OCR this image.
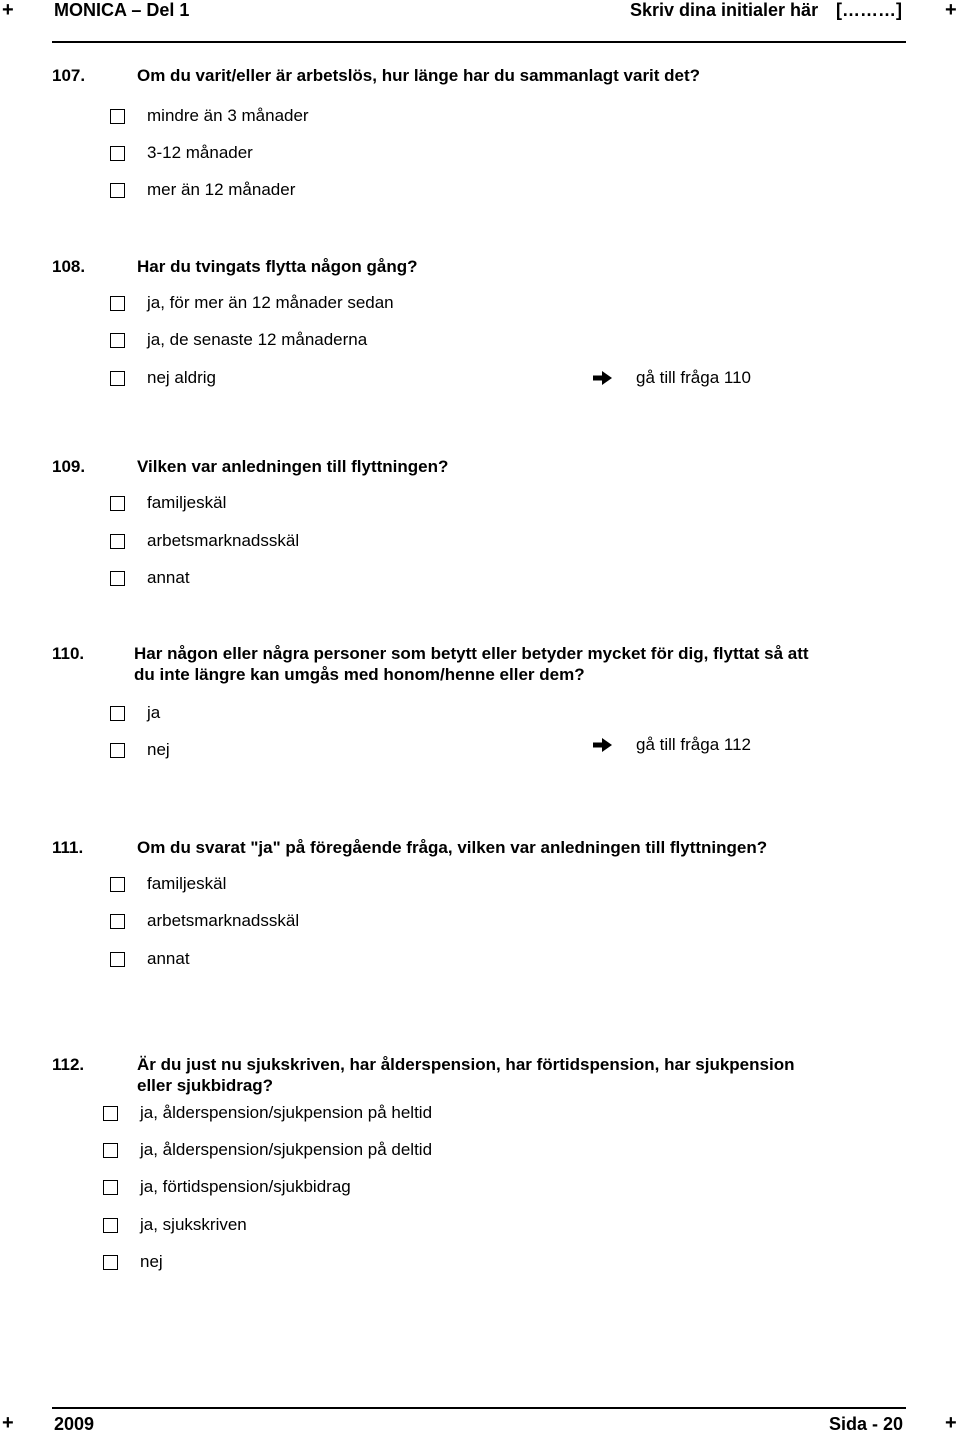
+ MONICA – Del 1	Skriv dina initialer här [………] +
107.	Om du varit/eller är arbetslös, hur länge har du sammanlagt varit det?
mindre än 3 månader
3-12 månader
mer än 12 månader
108.	Har du tvingats flytta någon gång?
ja, för mer än 12 månader sedan
ja, de senaste 12 månaderna
nej aldrig	gå till fråga 110
109.	Vilken var anledningen till flyttningen?
familjeskäl
arbetsmarknadsskäl
annat
110.	Har någon eller några personer som betytt eller betyder mycket för dig, flyttat så att
du inte längre kan umgås med honom/henne eller dem?
ja
nej	gå till fråga 112
111.	Om du svarat "ja" på föregående fråga, vilken var anledningen till flyttningen?
familjeskäl
arbetsmarknadsskäl
annat
112.	Är du just nu sjukskriven, har ålderspension, har förtidspension, har sjukpension
eller sjukbidrag?
ja, ålderspension/sjukpension på heltid
ja, ålderspension/sjukpension på deltid
ja, förtidspension/sjukbidrag
ja, sjukskriven
nej
+ 2009	Sida - 20 +
